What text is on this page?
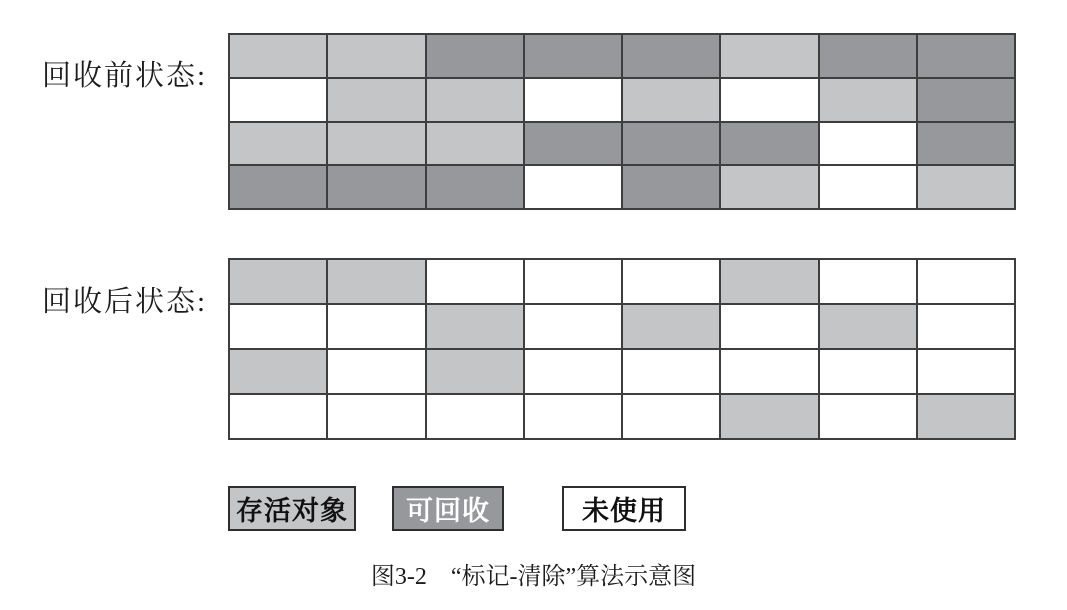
回收前状态:
回收后状态:
存活对象	可回收	未使用
图3-2　“标记-清除”算法示意图
